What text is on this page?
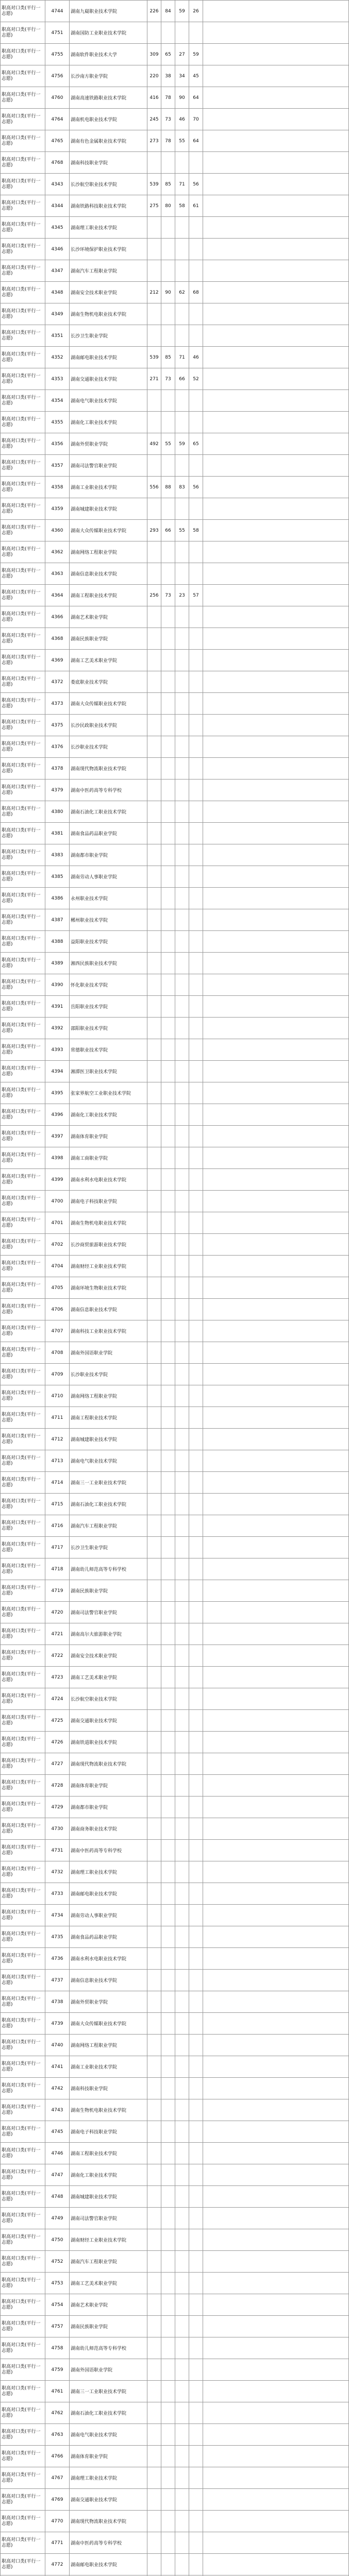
职高对口类(平行一志愿)	4744	湖南九嶷职业技术学院	226	84	59	26	
职高对口类(平行一志愿)	4751	湖南国防工业职业技术学院					
职高对口类(平行一志愿)	4755	湖南软件职业技术大学	309	65	27	59	
职高对口类(平行一志愿)	4756	长沙南方职业学院	220	38	34	45	
职高对口类(平行一志愿)	4760	湖南高速铁路职业技术学院	416	78	90	64	
职高对口类(平行一志愿)	4764	湖南机电职业技术学院	245	73	46	70	
职高对口类(平行一志愿)	4765	湖南有色金属职业技术学院	273	78	55	64	
职高对口类(平行一志愿)	4768	湖南科技职业学院					
职高对口类(平行一志愿)	4343	长沙航空职业技术学院	539	85	71	56	
职高对口类(平行一志愿)	4344	湖南铁路科技职业技术学院	275	80	58	61	
职高对口类(平行一志愿)	4345	湖南理工职业技术学院					
职高对口类(平行一志愿)	4346	长沙环境保护职业技术学院					
职高对口类(平行一志愿)	4347	湖南汽车工程职业学院					
职高对口类(平行一志愿)	4348	湖南安全技术职业学院	212	90	62	68	
职高对口类(平行一志愿)	4349	湖南生物机电职业技术学院					
职高对口类(平行一志愿)	4351	长沙卫生职业学院					
职高对口类(平行一志愿)	4352	湖南邮电职业技术学院	539	85	71	46	
职高对口类(平行一志愿)	4353	湖南交通职业技术学院	271	73	66	52	
职高对口类(平行一志愿)	4354	湖南电气职业技术学院					
职高对口类(平行一志愿)	4355	湖南化工职业技术学院					
职高对口类(平行一志愿)	4356	湖南外贸职业学院	492	55	59	65	
职高对口类(平行一志愿)	4357	湖南司法警官职业学院					
职高对口类(平行一志愿)	4358	湖南工业职业技术学院	556	88	83	56	
职高对口类(平行一志愿)	4359	湖南城建职业技术学院					
职高对口类(平行一志愿)	4360	湖南大众传媒职业技术学院	293	66	55	58	
职高对口类(平行一志愿)	4362	湖南网络工程职业学院					
职高对口类(平行一志愿)	4363	湖南信息职业技术学院					
职高对口类(平行一志愿)	4364	湖南工程职业技术学院	256	73	23	57	
职高对口类(平行一志愿)	4366	湖南艺术职业学院					
职高对口类(平行一志愿)	4368	湖南民族职业学院					
职高对口类(平行一志愿)	4369	湖南工艺美术职业学院					
职高对口类(平行一志愿)	4372	娄底职业技术学院					
职高对口类(平行一志愿)	4373	湖南大众传媒职业技术学院					
职高对口类(平行一志愿)	4375	长沙民政职业技术学院					
职高对口类(平行一志愿)	4376	长沙职业技术学院					
职高对口类(平行一志愿)	4378	湖南现代物流职业技术学院					
职高对口类(平行一志愿)	4379	湖南中医药高等专科学校					
职高对口类(平行一志愿)	4380	湖南石油化工职业技术学院					
职高对口类(平行一志愿)	4381	湖南食品药品职业学院					
职高对口类(平行一志愿)	4383	湖南都市职业学院					
职高对口类(平行一志愿)	4385	湖南劳动人事职业学院					
职高对口类(平行一志愿)	4386	永州职业技术学院					
职高对口类(平行一志愿)	4387	郴州职业技术学院					
职高对口类(平行一志愿)	4388	益阳职业技术学院					
职高对口类(平行一志愿)	4389	湘西民族职业技术学院					
职高对口类(平行一志愿)	4390	怀化职业技术学院					
职高对口类(平行一志愿)	4391	岳阳职业技术学院					
职高对口类(平行一志愿)	4392	邵阳职业技术学院					
职高对口类(平行一志愿)	4393	常德职业技术学院					
职高对口类(平行一志愿)	4394	湘潭医卫职业技术学院					
职高对口类(平行一志愿)	4395	张家界航空工业职业技术学院					
职高对口类(平行一志愿)	4396	湖南化工职业技术学院					
职高对口类(平行一志愿)	4397	湖南体育职业学院					
职高对口类(平行一志愿)	4398	湖南工商职业学院					
职高对口类(平行一志愿)	4399	湖南水利水电职业技术学院					
职高对口类(平行一志愿)	4700	湖南电子科技职业学院					
职高对口类(平行一志愿)	4701	湖南生物机电职业技术学院					
职高对口类(平行一志愿)	4702	长沙商贸旅游职业技术学院					
职高对口类(平行一志愿)	4704	湖南财经工业职业技术学院					
职高对口类(平行一志愿)	4705	湖南环境生物职业技术学院					
职高对口类(平行一志愿)	4706	湖南信息职业技术学院					
职高对口类(平行一志愿)	4707	湖南科技工业职业技术学院					
职高对口类(平行一志愿)	4708	湖南外国语职业学院					
职高对口类(平行一志愿)	4709	长沙职业技术学院					
职高对口类(平行一志愿)	4710	湖南网络工程职业学院					
职高对口类(平行一志愿)	4711	湖南工程职业技术学院					
职高对口类(平行一志愿)	4712	湖南城建职业技术学院					
职高对口类(平行一志愿)	4713	湖南电气职业技术学院					
职高对口类(平行一志愿)	4714	湖南三一工业职业技术学院					
职高对口类(平行一志愿)	4715	湖南石油化工职业技术学院					
职高对口类(平行一志愿)	4716	湖南汽车工程职业学院					
职高对口类(平行一志愿)	4717	长沙卫生职业学院					
职高对口类(平行一志愿)	4718	湖南幼儿师范高等专科学校					
职高对口类(平行一志愿)	4719	湖南民族职业学院					
职高对口类(平行一志愿)	4720	湖南司法警官职业学院					
职高对口类(平行一志愿)	4721	湖南高尔夫旅游职业学院					
职高对口类(平行一志愿)	4722	湖南安全技术职业学院					
职高对口类(平行一志愿)	4723	湖南工艺美术职业学院					
职高对口类(平行一志愿)	4724	长沙航空职业技术学院					
职高对口类(平行一志愿)	4725	湖南交通职业技术学院					
职高对口类(平行一志愿)	4726	湖南铁道职业技术学院					
职高对口类(平行一志愿)	4727	湖南现代物流职业技术学院					
职高对口类(平行一志愿)	4728	湖南体育职业学院					
职高对口类(平行一志愿)	4729	湖南都市职业学院					
职高对口类(平行一志愿)	4730	湖南商务职业技术学院					
职高对口类(平行一志愿)	4731	湖南中医药高等专科学校					
职高对口类(平行一志愿)	4732	湖南理工职业技术学院					
职高对口类(平行一志愿)	4733	湖南邮电职业技术学院					
职高对口类(平行一志愿)	4734	湖南劳动人事职业学院					
职高对口类(平行一志愿)	4735	湖南食品药品职业学院					
职高对口类(平行一志愿)	4736	湖南水利水电职业技术学院					
职高对口类(平行一志愿)	4737	湖南信息职业技术学院					
职高对口类(平行一志愿)	4738	湖南外贸职业学院					
职高对口类(平行一志愿)	4739	湖南大众传媒职业技术学院					
职高对口类(平行一志愿)	4740	湖南网络工程职业学院					
职高对口类(平行一志愿)	4741	湖南工业职业技术学院					
职高对口类(平行一志愿)	4742	湖南科技职业学院					
职高对口类(平行一志愿)	4743	湖南生物机电职业技术学院					
职高对口类(平行一志愿)	4745	湖南电子科技职业学院					
职高对口类(平行一志愿)	4746	湖南工程职业技术学院					
职高对口类(平行一志愿)	4747	湖南化工职业技术学院					
职高对口类(平行一志愿)	4748	湖南城建职业技术学院					
职高对口类(平行一志愿)	4749	湖南司法警官职业学院					
职高对口类(平行一志愿)	4750	湖南财经工业职业技术学院					
职高对口类(平行一志愿)	4752	湖南汽车工程职业学院					
职高对口类(平行一志愿)	4753	湖南工艺美术职业学院					
职高对口类(平行一志愿)	4754	湖南艺术职业学院					
职高对口类(平行一志愿)	4757	湖南民族职业学院					
职高对口类(平行一志愿)	4758	湖南幼儿师范高等专科学校					
职高对口类(平行一志愿)	4759	湖南外国语职业学院					
职高对口类(平行一志愿)	4761	湖南三一工业职业技术学院					
职高对口类(平行一志愿)	4762	湖南石油化工职业技术学院					
职高对口类(平行一志愿)	4763	湖南电气职业技术学院					
职高对口类(平行一志愿)	4766	湖南体育职业学院					
职高对口类(平行一志愿)	4767	湖南理工职业技术学院					
职高对口类(平行一志愿)	4769	湖南交通职业技术学院					
职高对口类(平行一志愿)	4770	湖南现代物流职业技术学院					
职高对口类(平行一志愿)	4771	湖南中医药高等专科学校					
职高对口类(平行一志愿)	4772	湖南邮电职业技术学院					
